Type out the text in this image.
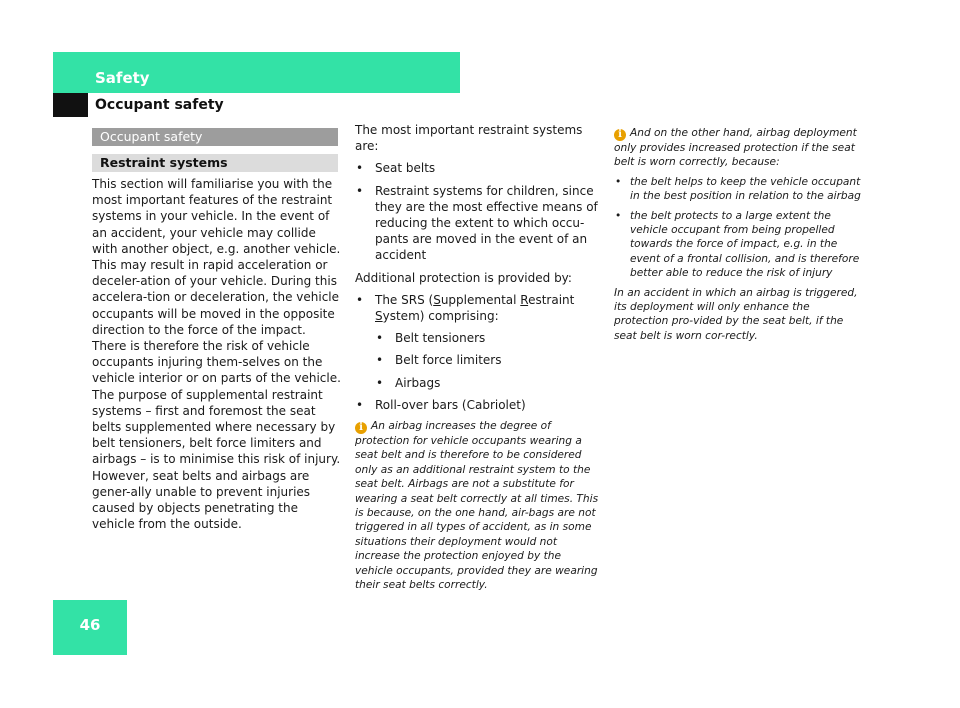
Safety
Occupant safety
Occupant safety
Restraint systems

This section will familiarise you with the most important features of the restraint systems in your vehicle. In the event of an accident, your vehicle may collide with another object, e.g. another vehicle. This may result in rapid acceleration or deceler-ation of your vehicle. During this accelera-tion or deceleration, the vehicle occupants will be moved in the opposite direction to the force of the impact. There is therefore the risk of vehicle occupants injuring them-selves on the vehicle interior or on parts of the vehicle. The purpose of supplemental restraint systems – first and foremost the seat belts supplemented where necessary by belt tensioners, belt force limiters and airbags – is to minimise this risk of injury. However, seat belts and airbags are gener-ally unable to prevent injuries caused by objects penetrating the vehicle from the outside.

The most important restraint systems are:

• Seat belts
• Restraint systems for children, since they are the most effective means of reducing the extent to which occu-pants are moved in the event of an accident

Additional protection is provided by:

• The SRS (Supplemental Restraint
System) comprising:
• Belt tensioners
• Belt force limiters
• Airbags
• Roll-over bars (Cabriolet)
i An airbag increases the degree of protection for vehicle occupants wearing a seat belt and is therefore to be considered only as an additional restraint system to the seat belt. Airbags are not a substitute for wearing a seat belt correctly at all times. This is because, on the one hand, air-bags are not triggered in all types of accident, as in some situations their deployment would not increase the protection enjoyed by the vehicle occupants, provided they are wearing their seat belts correctly.

i And on the other hand, airbag deployment only provides increased protection if the seat belt is worn correctly, because:

• the belt helps to keep the vehicle occupant in the best position in relation to the airbag
• the belt protects to a large extent the vehicle occupant from being propelled towards the force of impact, e.g. in the event of a frontal collision, and is therefore better able to reduce the risk of injury

In an accident in which an airbag is triggered, its deployment will only enhance the protection pro-vided by the seat belt, if the seat belt is worn cor-rectly.

46
